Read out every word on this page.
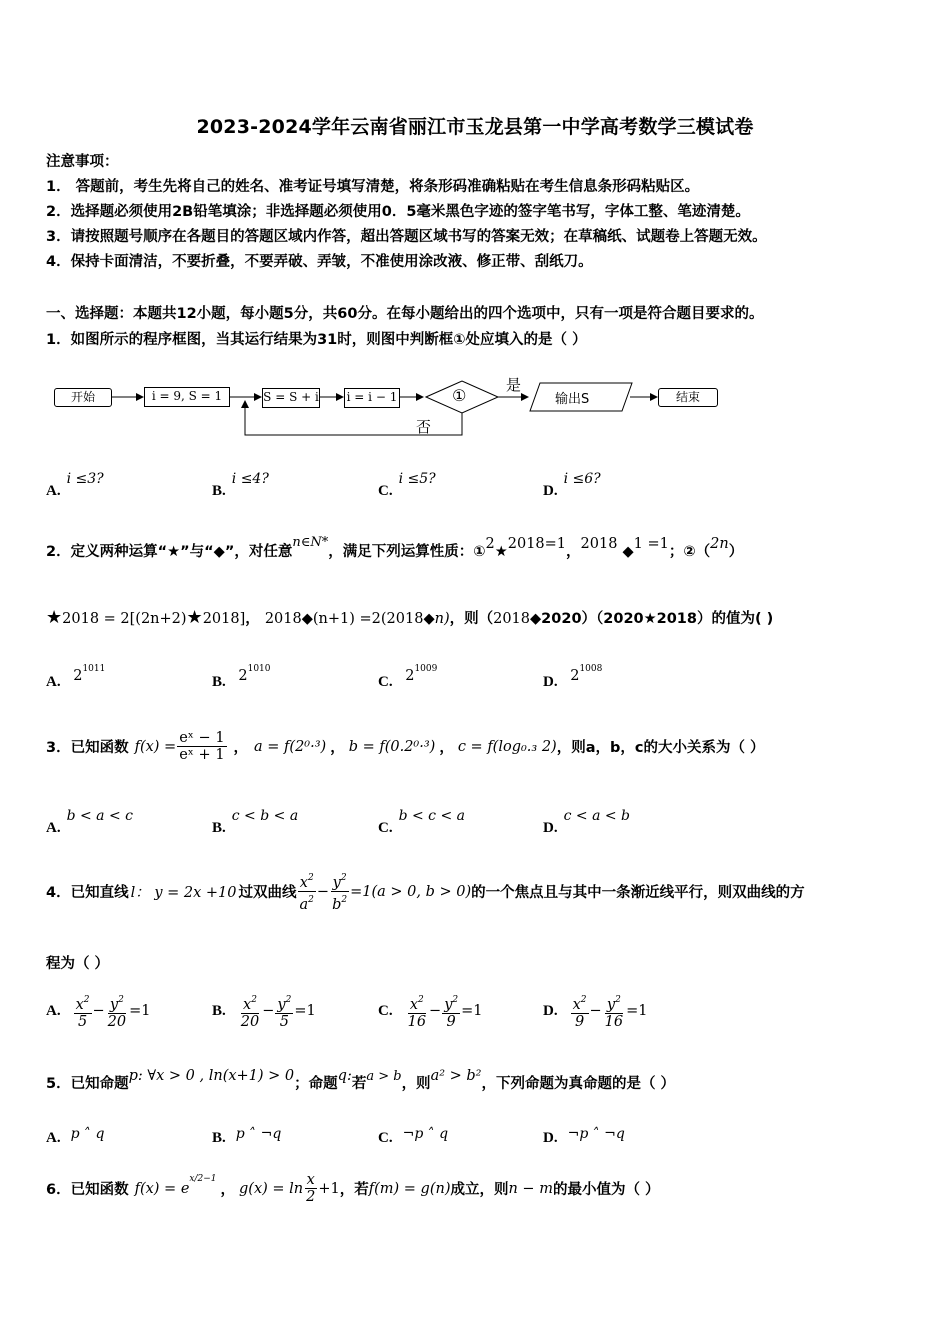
2023-2024学年云南省丽江市玉龙县第一中学高考数学三模试卷
注意事项：
1． 答题前，考生先将自己的姓名、准考证号填写清楚，将条形码准确粘贴在考生信息条形码粘贴区。
2．选择题必须使用2B铅笔填涂；非选择题必须使用0．5毫米黑色字迹的签字笔书写，字体工整、笔迹清楚。
3．请按照题号顺序在各题目的答题区域内作答，超出答题区域书写的答案无效；在草稿纸、试题卷上答题无效。
4．保持卡面清洁，不要折叠，不要弄破、弄皱，不准使用涂改液、修正带、刮纸刀。
一、选择题：本题共12小题，每小题5分，共60分。在每小题给出的四个选项中，只有一项是符合题目要求的。
1．如图所示的程序框图，当其运行结果为31时，则图中判断框①处应填入的是（ ）
开始	i = 9, S = 1	S = S + i i = i − 1	①
是
否
输出S	结束
A.i ≤3?
B.i ≤4?
C.i ≤5?
D.i ≤6?
2．定义两种运算“★”与“◆”，对任意n∈N*，满足下列运算性质：①2★2018=1，2018 ◆1 =1；②（2n）
★2018 = 2[(2n+2)★2018]， 2018◆(n+1) =2(2018◆n)，则（2018◆2020）（2020★2018）的值为( )
A. $2^{1011}$
B. $2^{1010}$
C. $2^{1009}$
D. $2^{1008}$
3．已知函数 $f(x) = \frac{\text{eˣ − 1}}{\text{eˣ + 1}}$ ， a = f(2⁰·³) ， b = f(0.2⁰·³) ， c = f(log₀.₃ 2) ，则a，b，c的大小关系为（ ）
A.b < a < c
B.c < b < a
C.b < c < a
D.c < a < b
4．已知直线 l： y = 2x +10 过双曲线 $\frac{x^2}{a^2} - \frac{y^2}{b^2} =1(a > 0$, b > 0) 的一个焦点且与其中一条渐近线平行，则双曲线的方
程为（ ）
A. $\frac{x^2}{5} - \frac{y^2}{20} =1$	B. $\frac{x^2}{20} - \frac{y^2}{5} =1$	C. $\frac{x^2}{16} - \frac{y^2}{9} =1$	D. $\frac{x^2}{9} - \frac{y^2}{16} =1$
5．已知命题p: ∀x > 0 , ln(x+1) > 0；命题q:若a > b，则a² > b²，下列命题为真命题的是（ ）
A. p ˄ q	B. p ˄ ¬q	C. ¬p ˄ q	D. ¬p ˄ ¬q
6．已知函数 f(x) = e
x/2−1
， $g(x) = \ln \frac{x}{2} +1$ ，若 f(m) = g(n) 成立，则 n − m 的最小值为（ ）
